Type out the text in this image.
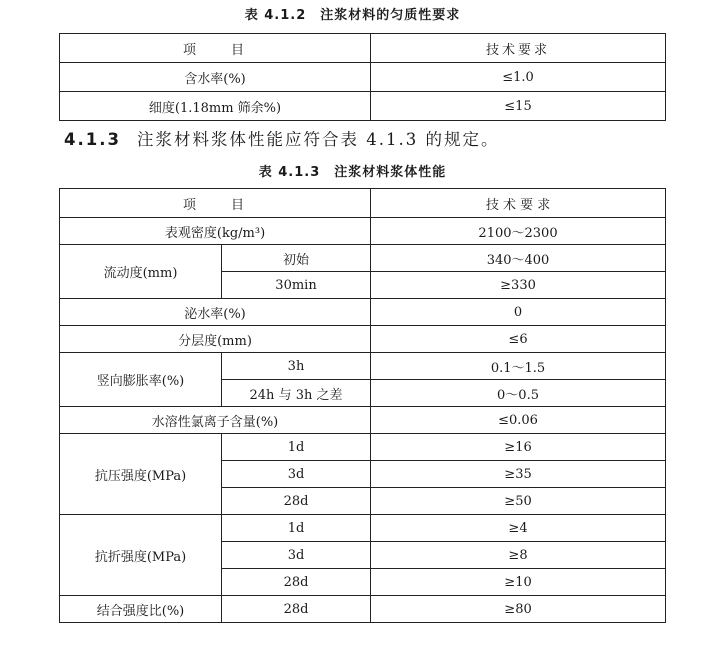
表 4.1.2　注浆材料的匀质性要求
项　　目	技术要求
含水率(%)	≤1.0
细度(1.18mm 筛余%)	≤15
4.1.3 注浆材料浆体性能应符合表 4.1.3 的规定。
表 4.1.3　注浆材料浆体性能
项　　目		技 术 要 求
表观密度(kg/m³)		2100～2300
流动度(mm)	初始	340～400
	30min	≥330
泌水率(%)		0
分层度(mm)		≤6
竖向膨胀率(%)	3h	0.1～1.5
	24h 与 3h 之差	0～0.5
水溶性氯离子含量(%)		≤0.06
抗压强度(MPa)	1d	≥16
	3d	≥35
	28d	≥50
抗折强度(MPa)	1d	≥4
	3d	≥8
	28d	≥10
结合强度比(%)	28d	≥80
